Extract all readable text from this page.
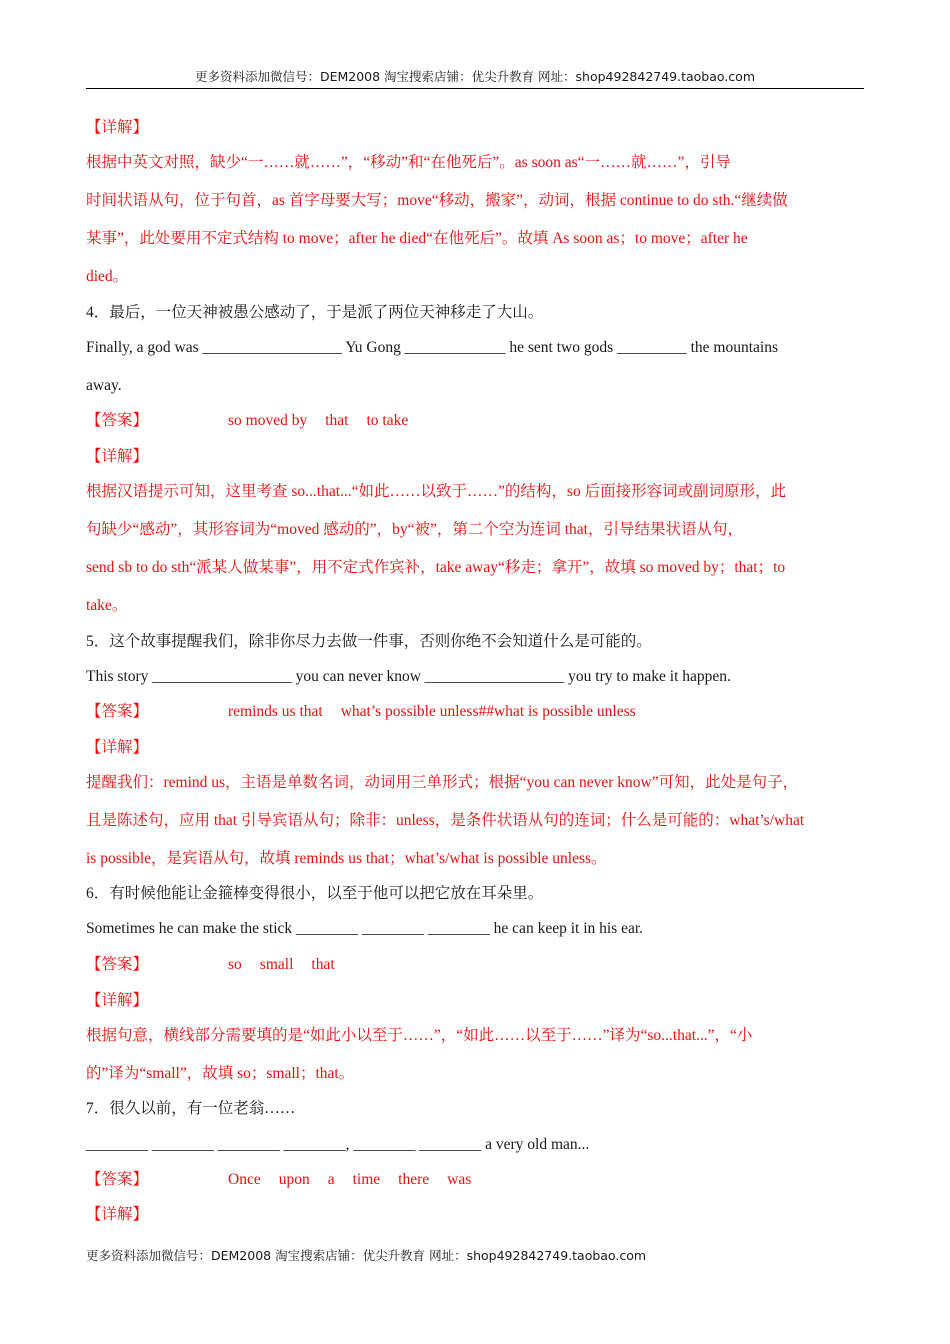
更多资料添加微信号：DEM2008 淘宝搜索店铺：优尖升教育 网址：shop492842749.taobao.com
【详解】
根据中英文对照，缺少“一……就……”，“移动”和“在他死后”。as soon as“一……就……”，引导
时间状语从句，位于句首，as 首字母要大写；move“移动，搬家”，动词，根据 continue to do sth.“继续做
某事”，此处要用不定式结构 to move；after he died“在他死后”。故填 As soon as；to move；after he
died。
4．最后，一位天神被愚公感动了，于是派了两位天神移走了大山。
Finally, a god was __________________ Yu Gong _____________ he sent two gods _________ the mountains
away.
【答案】	so moved by that to take
【详解】
根据汉语提示可知，这里考查 so...that...“如此……以致于……”的结构，so 后面接形容词或副词原形，此
句缺少“感动”，其形容词为“moved 感动的”，by“被”，第二个空为连词 that，引导结果状语从句，
send sb to do sth“派某人做某事”，用不定式作宾补，take away“移走；拿开”，故填 so moved by；that；to
take。
5．这个故事提醒我们，除非你尽力去做一件事，否则你绝不会知道什么是可能的。
This story __________________ you can never know __________________ you try to make it happen.
【答案】	reminds us that what’s possible unless##what is possible unless
【详解】
提醒我们：remind us，主语是单数名词，动词用三单形式；根据“you can never know”可知，此处是句子，
且是陈述句，应用 that 引导宾语从句；除非：unless，是条件状语从句的连词；什么是可能的：what’s/what
is possible，是宾语从句，故填 reminds us that；what’s/what is possible unless。
6．有时候他能让金箍棒变得很小，以至于他可以把它放在耳朵里。
Sometimes he can make the stick ________ ________ ________ he can keep it in his ear.
【答案】	so small that
【详解】
根据句意，横线部分需要填的是“如此小以至于……”，“如此……以至于……”译为“so...that...”，“小
的”译为“small”，故填 so；small；that。
7．很久以前，有一位老翁……
________ ________ ________ ________, ________ ________ a very old man...
【答案】	Once upon a time there was
【详解】
更多资料添加微信号：DEM2008 淘宝搜索店铺：优尖升教育 网址：shop492842749.taobao.com
